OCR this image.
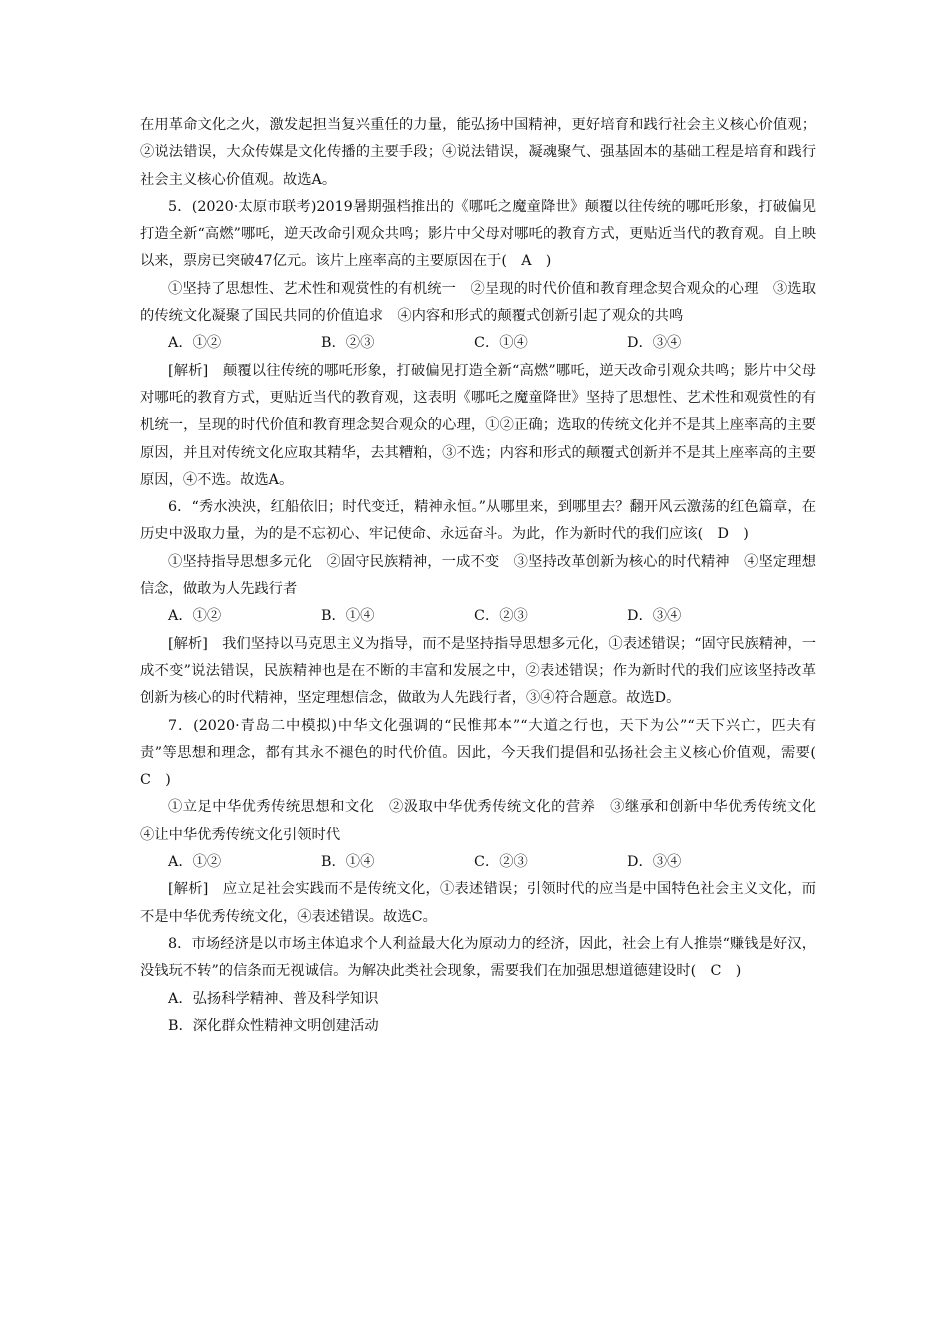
在用革命文化之火，激发起担当复兴重任的力量，能弘扬中国精神，更好培育和践行社会主义核心价值观；②说法错误，大众传媒是文化传播的主要手段；④说法错误，凝魂聚气、强基固本的基础工程是培育和践行社会主义核心价值观。故选A。

5．(2020·太原市联考)2019暑期强档推出的《哪吒之魔童降世》颠覆以往传统的哪吒形象，打破偏见打造全新“高燃”哪吒，逆天改命引观众共鸣；影片中父母对哪吒的教育方式，更贴近当代的教育观。自上映以来，票房已突破47亿元。该片上座率高的主要原因在于(　A　)

①坚持了思想性、艺术性和观赏性的有机统一　②呈现的时代价值和教育理念契合观众的心理　③选取的传统文化凝聚了国民共同的价值追求　④内容和形式的颠覆式创新引起了观众的共鸣

A．①②	B．②③	C．①④	D．③④

[解析]　颠覆以往传统的哪吒形象，打破偏见打造全新“高燃”哪吒，逆天改命引观众共鸣；影片中父母对哪吒的教育方式，更贴近当代的教育观，这表明《哪吒之魔童降世》坚持了思想性、艺术性和观赏性的有机统一，呈现的时代价值和教育理念契合观众的心理，①②正确；选取的传统文化并不是其上座率高的主要原因，并且对传统文化应取其精华，去其糟粕，③不选；内容和形式的颠覆式创新并不是其上座率高的主要原因，④不选。故选A。

6．“秀水泱泱，红船依旧；时代变迁，精神永恒。”从哪里来，到哪里去？翻开风云激荡的红色篇章，在历史中汲取力量，为的是不忘初心、牢记使命、永远奋斗。为此，作为新时代的我们应该(　D　)

①坚持指导思想多元化　②固守民族精神，一成不变　③坚持改革创新为核心的时代精神　④坚定理想信念，做敢为人先践行者

A．①②	B．①④	C．②③	D．③④

[解析]　我们坚持以马克思主义为指导，而不是坚持指导思想多元化，①表述错误；“固守民族精神，一成不变”说法错误，民族精神也是在不断的丰富和发展之中，②表述错误；作为新时代的我们应该坚持改革创新为核心的时代精神，坚定理想信念，做敢为人先践行者，③④符合题意。故选D。

7．(2020·青岛二中模拟)中华文化强调的“民惟邦本”“大道之行也，天下为公”“天下兴亡，匹夫有责”等思想和理念，都有其永不褪色的时代价值。因此，今天我们提倡和弘扬社会主义核心价值观，需要(　C　)

①立足中华优秀传统思想和文化　②汲取中华优秀传统文化的营养　③继承和创新中华优秀传统文化　④让中华优秀传统文化引领时代

A．①②	B．①④	C．②③	D．③④

[解析]　应立足社会实践而不是传统文化，①表述错误；引领时代的应当是中国特色社会主义文化，而不是中华优秀传统文化，④表述错误。故选C。

8．市场经济是以市场主体追求个人利益最大化为原动力的经济，因此，社会上有人推崇“赚钱是好汉，没钱玩不转”的信条而无视诚信。为解决此类社会现象，需要我们在加强思想道德建设时(　C　)

A．弘扬科学精神、普及科学知识

B．深化群众性精神文明创建活动
